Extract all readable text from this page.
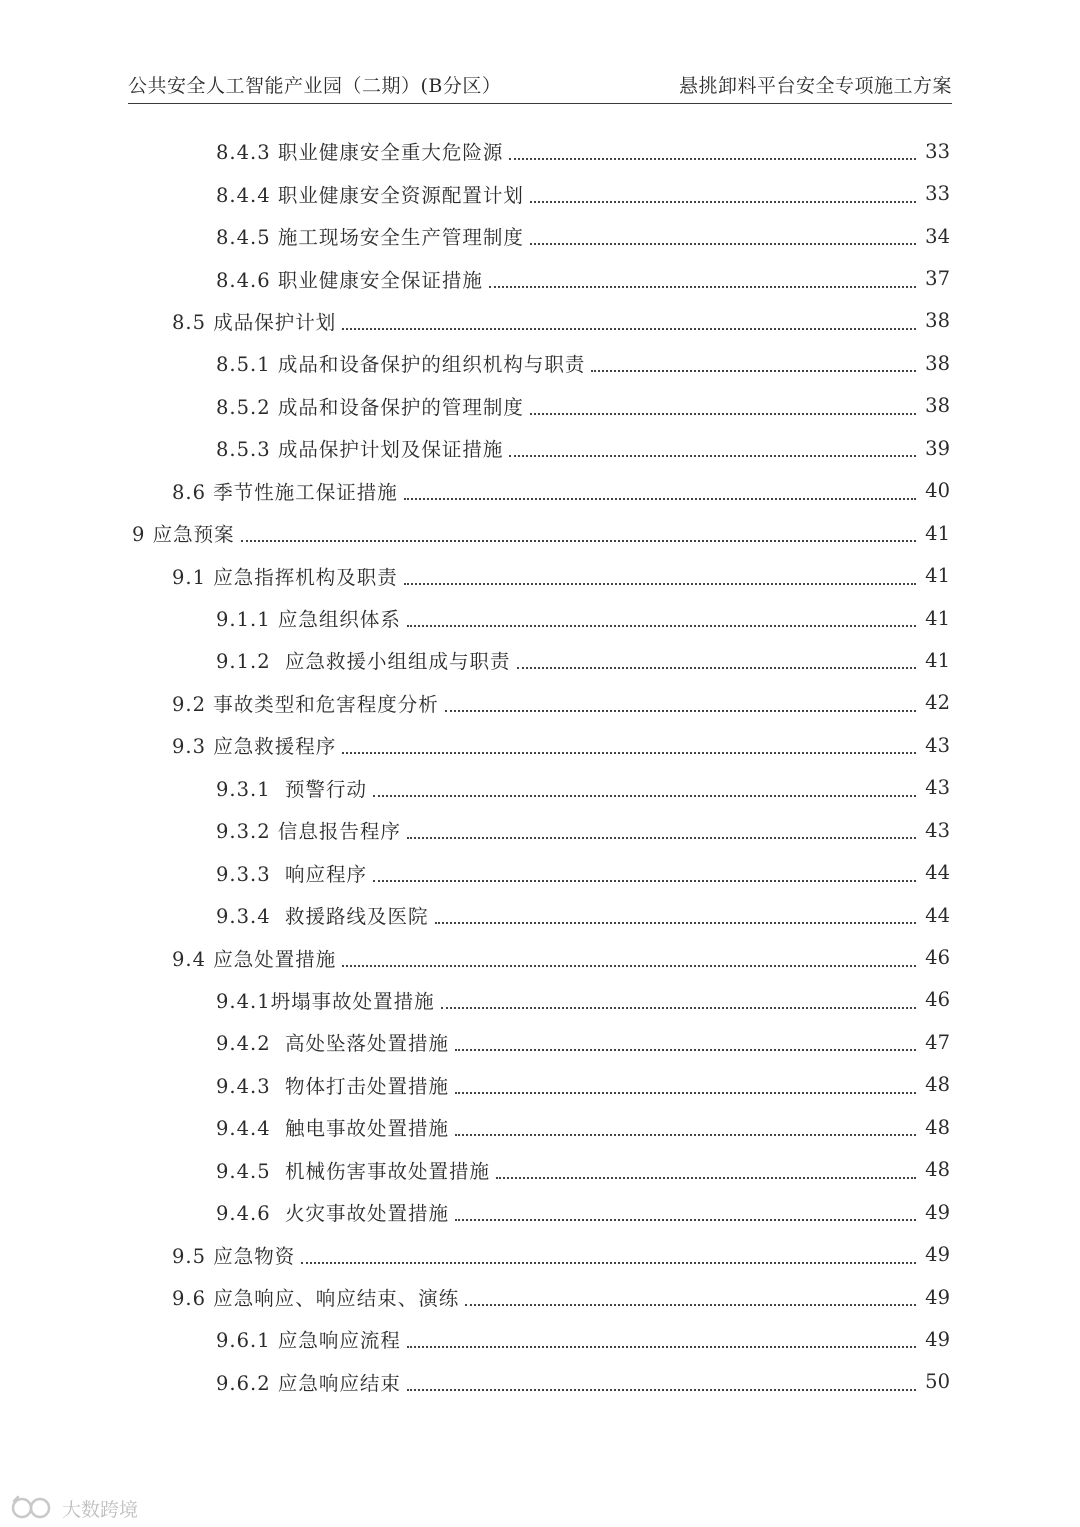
公共安全人工智能产业园（二期）(B分区）	悬挑卸料平台安全专项施工方案
8.4.3 职业健康安全重大危险源	33
8.4.4 职业健康安全资源配置计划	33
8.4.5 施工现场安全生产管理制度	34
8.4.6 职业健康安全保证措施	37
8.5 成品保护计划	38
8.5.1 成品和设备保护的组织机构与职责	38
8.5.2 成品和设备保护的管理制度	38
8.5.3 成品保护计划及保证措施	39
8.6 季节性施工保证措施	40
9 应急预案	41
9.1 应急指挥机构及职责	41
9.1.1 应急组织体系	41
9.1.2  应急救援小组组成与职责	41
9.2 事故类型和危害程度分析	42
9.3 应急救援程序	43
9.3.1  预警行动	43
9.3.2 信息报告程序	43
9.3.3  响应程序	44
9.3.4  救援路线及医院	44
9.4 应急处置措施	46
9.4.1坍塌事故处置措施	46
9.4.2  高处坠落处置措施	47
9.4.3  物体打击处置措施	48
9.4.4  触电事故处置措施	48
9.4.5  机械伤害事故处置措施	48
9.4.6  火灾事故处置措施	49
9.5 应急物资	49
9.6 应急响应、响应结束、演练	49
9.6.1 应急响应流程	49
9.6.2 应急响应结束	50
大数跨境
